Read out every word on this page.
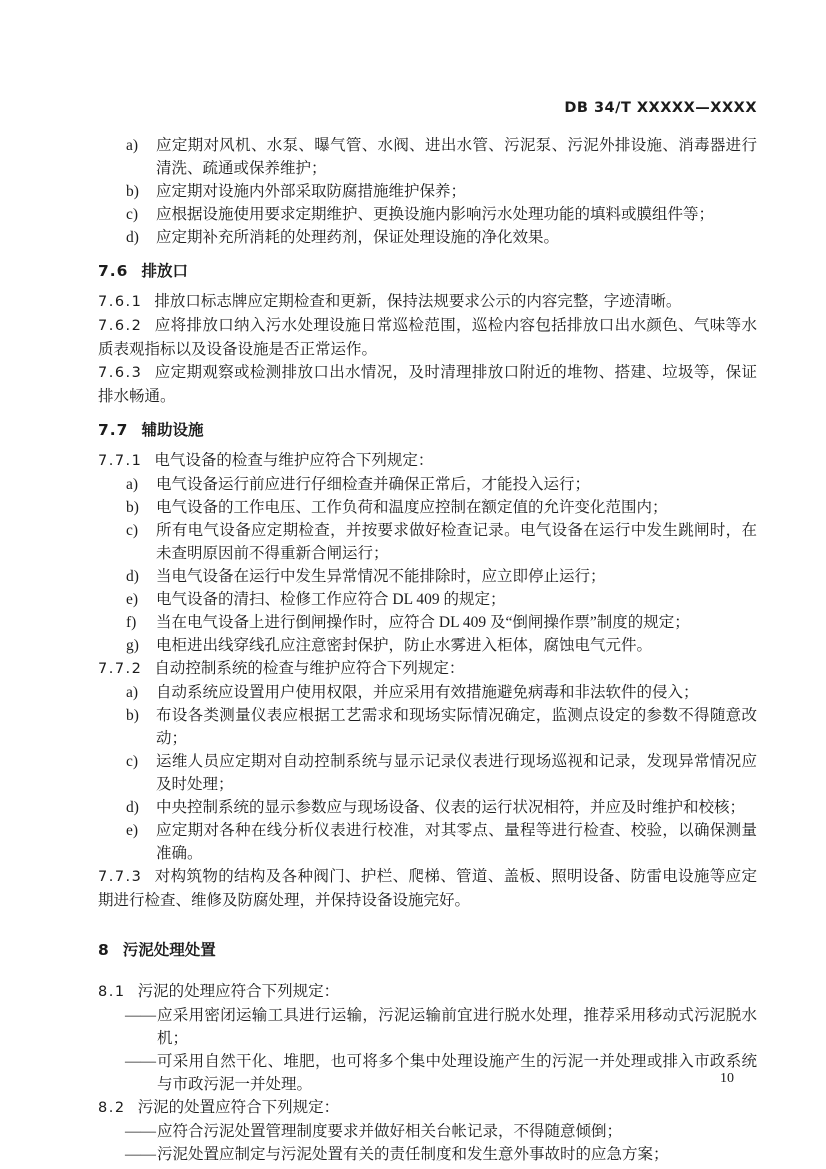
DB 34/T XXXXX—XXXX
a)	应定期对风机、水泵、曝气管、水阀、进出水管、污泥泵、污泥外排设施、消毒器进行清洗、疏通或保养维护；
b)	应定期对设施内外部采取防腐措施维护保养；
c)	应根据设施使用要求定期维护、更换设施内影响污水处理功能的填料或膜组件等；
d)	应定期补充所消耗的处理药剂，保证处理设施的净化效果。
7.6 排放口

7.6.1 排放口标志牌应定期检查和更新，保持法规要求公示的内容完整，字迹清晰。

7.6.2 应将排放口纳入污水处理设施日常巡检范围，巡检内容包括排放口出水颜色、气味等水质表观指标以及设备设施是否正常运作。

7.6.3 应定期观察或检测排放口出水情况，及时清理排放口附近的堆物、搭建、垃圾等，保证排水畅通。

7.7 辅助设施

7.7.1 电气设备的检查与维护应符合下列规定：

a)	电气设备运行前应进行仔细检查并确保正常后，才能投入运行；
b)	电气设备的工作电压、工作负荷和温度应控制在额定值的允许变化范围内；
c)	所有电气设备应定期检查，并按要求做好检查记录。电气设备在运行中发生跳闸时，在未查明原因前不得重新合闸运行；
d)	当电气设备在运行中发生异常情况不能排除时，应立即停止运行；
e)	电气设备的清扫、检修工作应符合 DL 409 的规定；
f)	当在电气设备上进行倒闸操作时，应符合 DL 409 及“倒闸操作票”制度的规定；
g)	电柜进出线穿线孔应注意密封保护，防止水雾进入柜体，腐蚀电气元件。

7.7.2 自动控制系统的检查与维护应符合下列规定：

a)	自动系统应设置用户使用权限，并应采用有效措施避免病毒和非法软件的侵入；
b)	布设各类测量仪表应根据工艺需求和现场实际情况确定，监测点设定的参数不得随意改动；
c)	运维人员应定期对自动控制系统与显示记录仪表进行现场巡视和记录，发现异常情况应及时处理；
d)	中央控制系统的显示参数应与现场设备、仪表的运行状况相符，并应及时维护和校核；
e)	应定期对各种在线分析仪表进行校准，对其零点、量程等进行检查、校验，以确保测量准确。

7.7.3 对构筑物的结构及各种阀门、护栏、爬梯、管道、盖板、照明设备、防雷电设施等应定期进行检查、维修及防腐处理，并保持设备设施完好。

8 污泥处理处置

8.1 污泥的处理应符合下列规定：

—— 应采用密闭运输工具进行运输，污泥运输前宜进行脱水处理，推荐采用移动式污泥脱水机；
—— 可采用自然干化、堆肥，也可将多个集中处理设施产生的污泥一并处理或排入市政系统与市政污泥一并处理。

8.2 污泥的处置应符合下列规定：

—— 应符合污泥处置管理制度要求并做好相关台帐记录，不得随意倾倒；
—— 污泥处置应制定与污泥处置有关的责任制度和发生意外事故时的应急方案；
10
